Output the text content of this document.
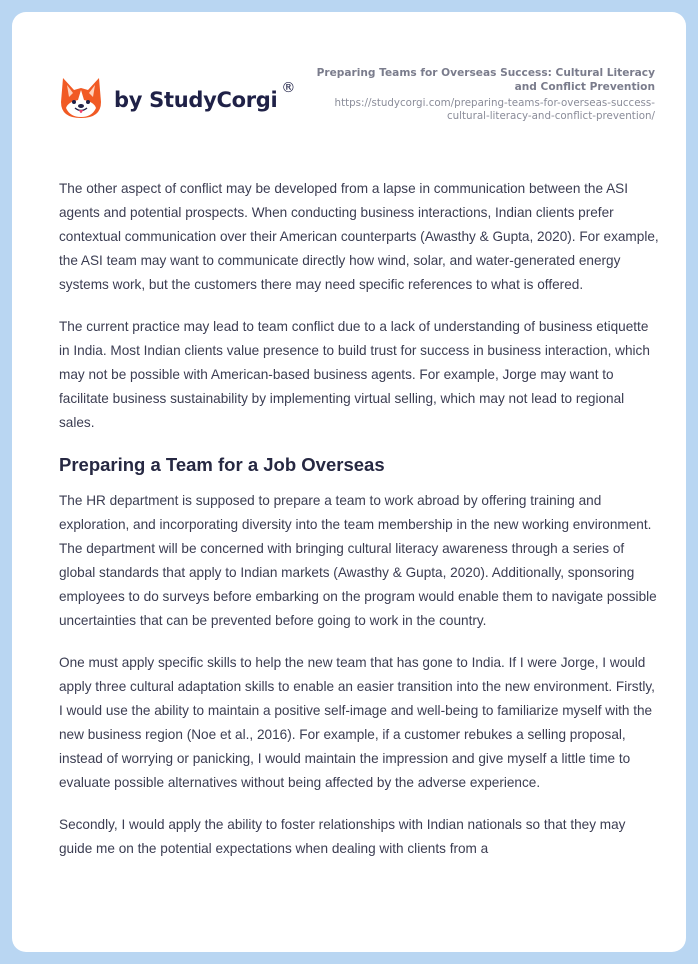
by StudyCorgi ®
Preparing Teams for Overseas Success: Cultural Literacy and Conflict Prevention
https://studycorgi.com/preparing-teams-for-overseas-success-cultural-literacy-and-conflict-prevention/

The other aspect of conflict may be developed from a lapse in communication between the ASI agents and potential prospects. When conducting business interactions, Indian clients prefer contextual communication over their American counterparts (Awasthy & Gupta, 2020). For example, the ASI team may want to communicate directly how wind, solar, and water-generated energy systems work, but the customers there may need specific references to what is offered.

The current practice may lead to team conflict due to a lack of understanding of business etiquette in India. Most Indian clients value presence to build trust for success in business interaction, which may not be possible with American-based business agents. For example, Jorge may want to facilitate business sustainability by implementing virtual selling, which may not lead to regional sales.

Preparing a Team for a Job Overseas

The HR department is supposed to prepare a team to work abroad by offering training and exploration, and incorporating diversity into the team membership in the new working environment. The department will be concerned with bringing cultural literacy awareness through a series of global standards that apply to Indian markets (Awasthy & Gupta, 2020). Additionally, sponsoring employees to do surveys before embarking on the program would enable them to navigate possible uncertainties that can be prevented before going to work in the country.

One must apply specific skills to help the new team that has gone to India. If I were Jorge, I would apply three cultural adaptation skills to enable an easier transition into the new environment. Firstly, I would use the ability to maintain a positive self-image and well-being to familiarize myself with the new business region (Noe et al., 2016). For example, if a customer rebukes a selling proposal, instead of worrying or panicking, I would maintain the impression and give myself a little time to evaluate possible alternatives without being affected by the adverse experience.

Secondly, I would apply the ability to foster relationships with Indian nationals so that they may guide me on the potential expectations when dealing with clients from a
